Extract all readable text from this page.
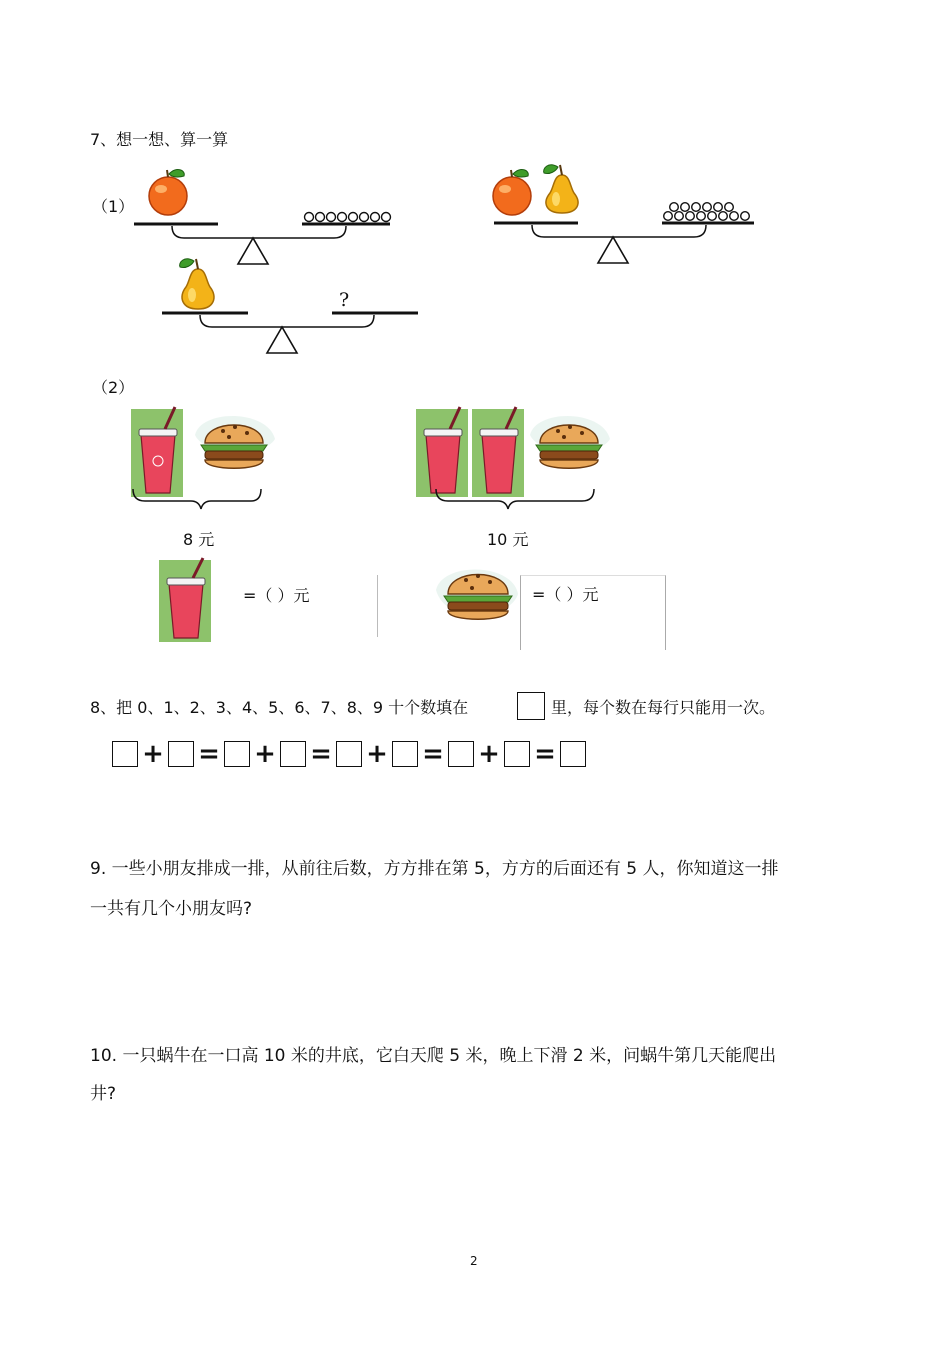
7、想一想、算一算
（1）
?
（2）
8 元	10 元
=（ ）元	=（ ）元
8、把 0、1、2、3、4、5、6、7、8、9 十个数填在	里，每个数在每行只能用一次。
+ = + = + = + =
9. 一些小朋友排成一排，从前往后数，方方排在第 5，方方的后面还有 5 人，你知道这一排
一共有几个小朋友吗?
10. 一只蜗牛在一口高 10 米的井底，它白天爬 5 米，晚上下滑 2 米，问蜗牛第几天能爬出
井?
2
